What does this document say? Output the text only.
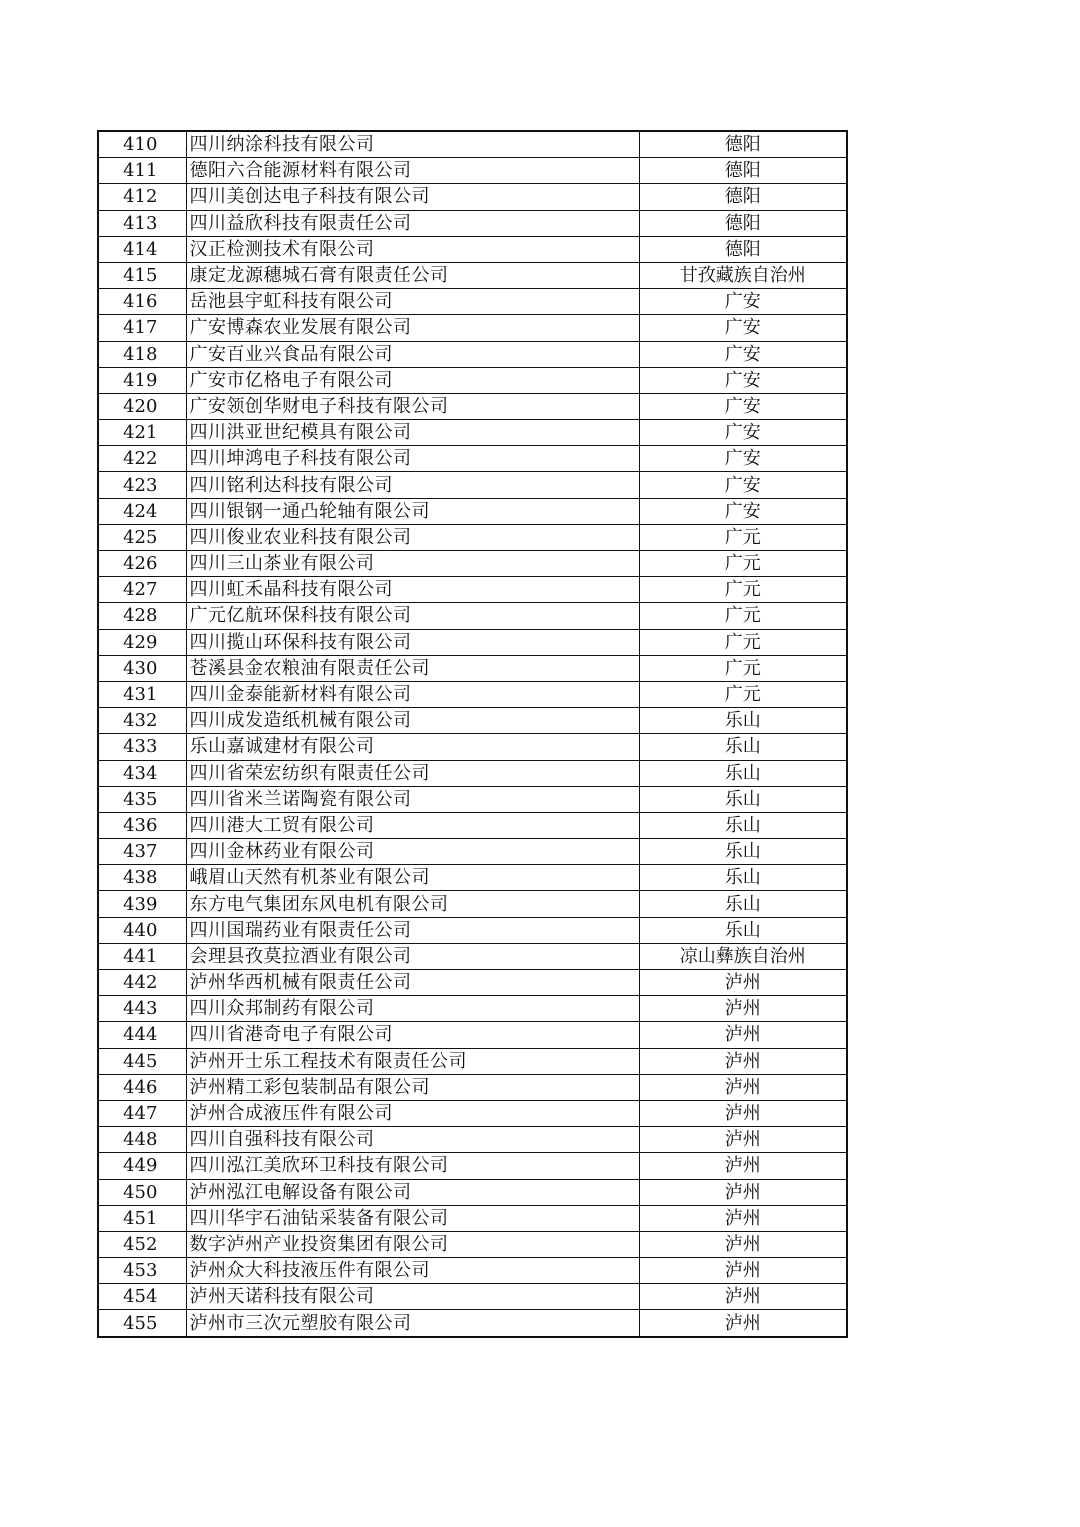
410	四川纳涂科技有限公司	德阳
411	德阳六合能源材料有限公司	德阳
412	四川美创达电子科技有限公司	德阳
413	四川益欣科技有限责任公司	德阳
414	汉正检测技术有限公司	德阳
415	康定龙源穗城石膏有限责任公司	甘孜藏族自治州
416	岳池县宇虹科技有限公司	广安
417	广安博森农业发展有限公司	广安
418	广安百业兴食品有限公司	广安
419	广安市亿格电子有限公司	广安
420	广安领创华财电子科技有限公司	广安
421	四川洪亚世纪模具有限公司	广安
422	四川坤鸿电子科技有限公司	广安
423	四川铭利达科技有限公司	广安
424	四川银钢一通凸轮轴有限公司	广安
425	四川俊业农业科技有限公司	广元
426	四川三山茶业有限公司	广元
427	四川虹禾晶科技有限公司	广元
428	广元亿航环保科技有限公司	广元
429	四川揽山环保科技有限公司	广元
430	苍溪县金农粮油有限责任公司	广元
431	四川金泰能新材料有限公司	广元
432	四川成发造纸机械有限公司	乐山
433	乐山嘉诚建材有限公司	乐山
434	四川省荣宏纺织有限责任公司	乐山
435	四川省米兰诺陶瓷有限公司	乐山
436	四川港大工贸有限公司	乐山
437	四川金林药业有限公司	乐山
438	峨眉山天然有机茶业有限公司	乐山
439	东方电气集团东风电机有限公司	乐山
440	四川国瑞药业有限责任公司	乐山
441	会理县孜莫拉酒业有限公司	凉山彝族自治州
442	泸州华西机械有限责任公司	泸州
443	四川众邦制药有限公司	泸州
444	四川省港奇电子有限公司	泸州
445	泸州开士乐工程技术有限责任公司	泸州
446	泸州精工彩包装制品有限公司	泸州
447	泸州合成液压件有限公司	泸州
448	四川自强科技有限公司	泸州
449	四川泓江美欣环卫科技有限公司	泸州
450	泸州泓江电解设备有限公司	泸州
451	四川华宇石油钻采装备有限公司	泸州
452	数字泸州产业投资集团有限公司	泸州
453	泸州众大科技液压件有限公司	泸州
454	泸州天诺科技有限公司	泸州
455	泸州市三次元塑胶有限公司	泸州
